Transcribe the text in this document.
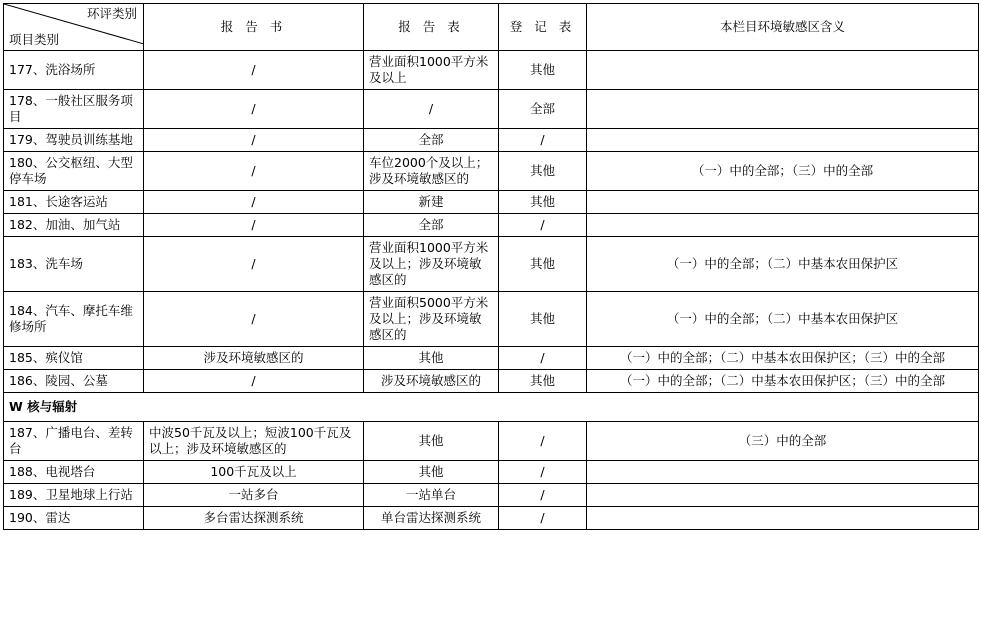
环评类别
项目类别	报 告 书	报 告 表	登 记 表	本栏目环境敏感区含义
177、洗浴场所	/	营业面积1000平方米及以上	其他	
178、一般社区服务项目	/	/	全部	
179、驾驶员训练基地	/	全部	/	
180、公交枢纽、大型停车场	/	车位2000个及以上；涉及环境敏感区的	其他	（一）中的全部；（三）中的全部
181、长途客运站	/	新建	其他	
182、加油、加气站	/	全部	/	
183、洗车场	/	营业面积1000平方米及以上；涉及环境敏感区的	其他	（一）中的全部；（二）中基本农田保护区
184、汽车、摩托车维修场所	/	营业面积5000平方米及以上；涉及环境敏感区的	其他	（一）中的全部；（二）中基本农田保护区
185、殡仪馆	涉及环境敏感区的	其他	/	（一）中的全部；（二）中基本农田保护区；（三）中的全部
186、陵园、公墓	/	涉及环境敏感区的	其他	（一）中的全部；（二）中基本农田保护区；（三）中的全部
W 核与辐射				
187、广播电台、差转台	中波50千瓦及以上；短波100千瓦及以上；涉及环境敏感区的	其他	/	（三）中的全部
188、电视塔台	100千瓦及以上	其他	/	
189、卫星地球上行站	一站多台	一站单台	/	
190、雷达	多台雷达探测系统	单台雷达探测系统	/	
